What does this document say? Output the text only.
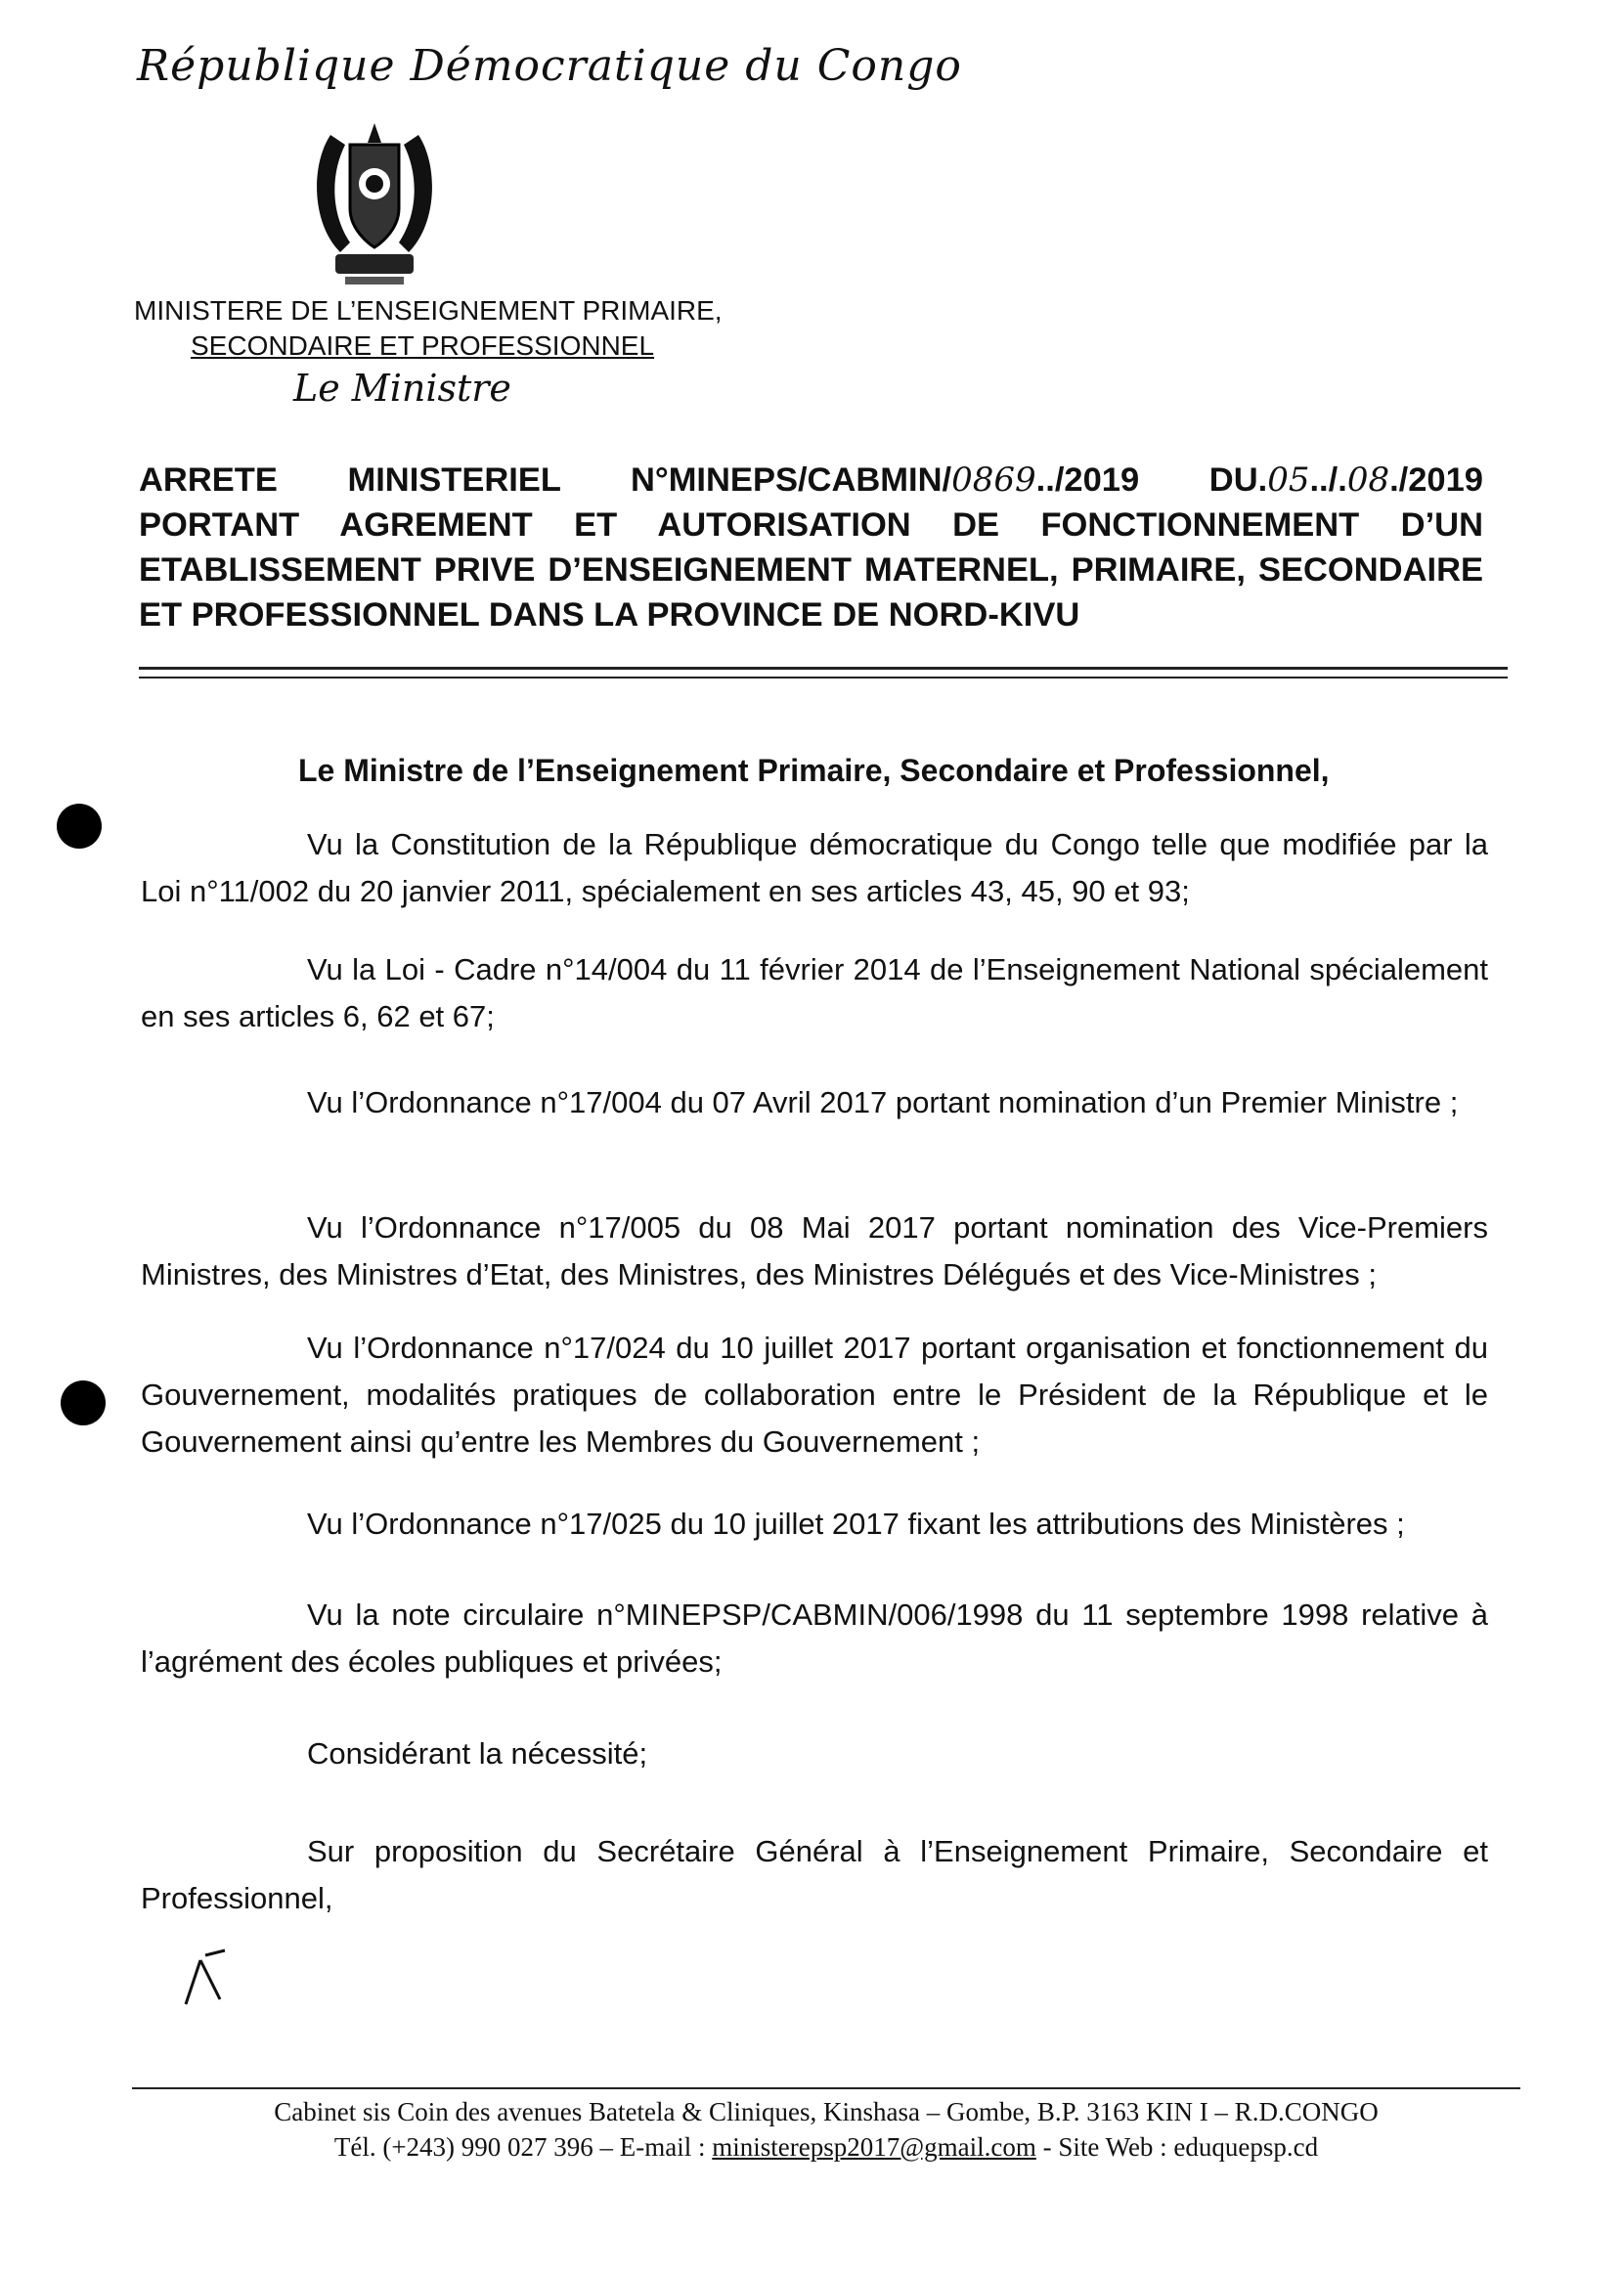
République Démocratique du Congo
MINISTERE DE L’ENSEIGNEMENT PRIMAIRE,
SECONDAIRE ET PROFESSIONNEL
Le Ministre
ARRETE MINISTERIEL N°MINEPS/CABMIN/0869../2019 DU.05../.08./2019
PORTANT AGREMENT ET AUTORISATION DE FONCTIONNEMENT D’UN
ETABLISSEMENT PRIVE D’ENSEIGNEMENT MATERNEL, PRIMAIRE, SECONDAIRE
ET PROFESSIONNEL DANS LA PROVINCE DE NORD-KIVU
Le Ministre de l’Enseignement Primaire, Secondaire et Professionnel,
Vu la Constitution de la République démocratique du Congo telle que modifiée par la Loi n°11/002 du 20 janvier 2011, spécialement en ses articles 43, 45, 90 et 93;
Vu la Loi - Cadre n°14/004 du 11 février 2014 de l’Enseignement National spécialement en ses articles 6, 62 et 67;
Vu l’Ordonnance n°17/004 du 07 Avril 2017 portant nomination d’un Premier Ministre ;
Vu l’Ordonnance n°17/005 du 08 Mai 2017 portant nomination des Vice-Premiers Ministres, des Ministres d’Etat, des Ministres, des Ministres Délégués et des Vice-Ministres ;
Vu l’Ordonnance n°17/024 du 10 juillet 2017 portant organisation et fonctionnement du Gouvernement, modalités pratiques de collaboration entre le Président de la République et le Gouvernement ainsi qu’entre les Membres du Gouvernement ;
Vu l’Ordonnance n°17/025 du 10 juillet 2017 fixant les attributions des Ministères ;
Vu la note circulaire n°MINEPSP/CABMIN/006/1998 du 11 septembre 1998 relative à l’agrément des écoles publiques et privées;
Considérant la nécessité;
Sur proposition du Secrétaire Général à l’Enseignement Primaire, Secondaire et Professionnel,
Cabinet sis Coin des avenues Batetela & Cliniques, Kinshasa – Gombe, B.P. 3163 KIN I – R.D.CONGO
Tél. (+243) 990 027 396 – E-mail : ministerepsp2017@gmail.com - Site Web : eduquepsp.cd
